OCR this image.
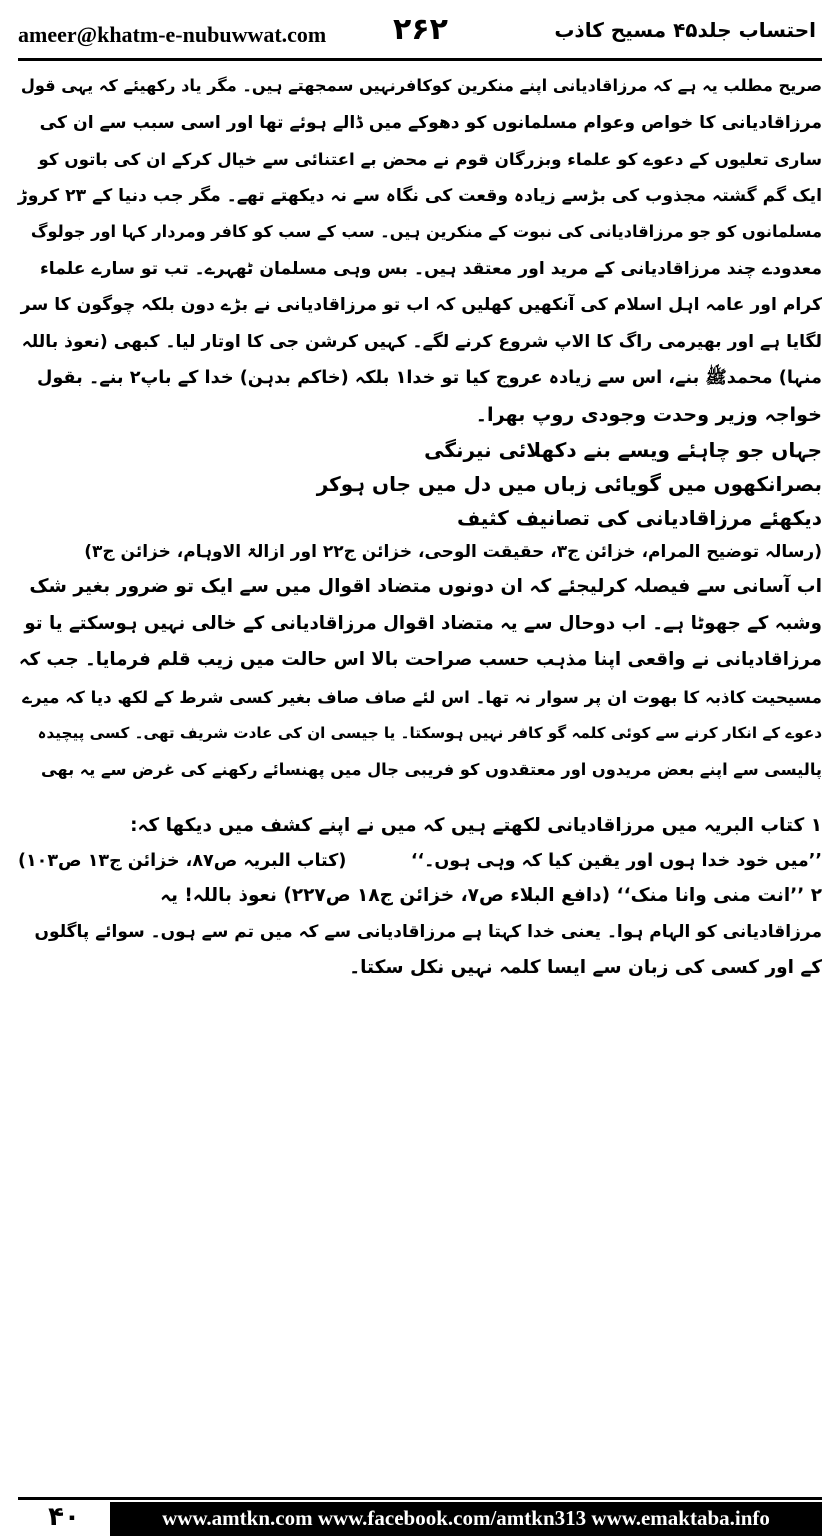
ameer@khatm-e-nubuwwat.com ۲۶۲	احتساب جلد۴۵ مسیح کاذب
صریح مطلب یہ ہے کہ مرزاقادیانی اپنے منکرین کوکافرنہیں سمجھتے ہیں۔ مگر یاد رکھیئے کہ یہی قول
مرزاقادیانی کا خواص وعوام مسلمانوں کو دھوکے میں ڈالے ہوئے تھا اور اسی سبب سے ان کی
ساری تعلیوں کے دعوے کو علماء وبزرگان قوم نے محض بے اعتنائی سے خیال کرکے ان کی باتوں کو
ایک گم گشتہ مجذوب کی بڑسے زیادہ وقعت کی نگاہ سے نہ دیکھتے تھے۔ مگر جب دنیا کے ۲۳ کروڑ
مسلمانوں کو جو مرزاقادیانی کی نبوت کے منکرین ہیں۔ سب کے سب کو کافر ومردار کہا اور جولوگ
معدودے چند مرزاقادیانی کے مرید اور معتقد ہیں۔ بس وہی مسلمان ٹھہرے۔ تب تو سارے علماء
کرام اور عامہ اہل اسلام کی آنکھیں کھلیں کہ اب تو مرزاقادیانی نے بڑے دون بلکہ چوگون کا سر
لگایا ہے اور بھیرمی راگ کا الاپ شروع کرنے لگے۔ کہیں کرشن جی کا اوتار لیا۔ کبھی (نعوذ باللہ
منہا) محمدﷺ بنے، اس سے زیادہ عروج کیا تو خدا۱ بلکہ (خاکم بدہن) خدا کے باپ۲ بنے۔ بقول
خواجہ وزیر وحدت وجودی روپ بھرا۔
جہاں جو چاہئے ویسے بنے دکھلائی نیرنگی
بصرانکھوں میں گویائی زباں میں دل میں جاں ہوکر
دیکھئے مرزاقادیانی کی تصانیف کثیف
(رسالہ توضیح المرام، خزائن ج۳، حقیقت الوحی، خزائن ج۲۲ اور ازالۃ الاوہام، خزائن ج۳)
اب آسانی سے فیصلہ کرلیجئے کہ ان دونوں متضاد اقوال میں سے ایک تو ضرور بغیر شک
وشبہ کے جھوٹا ہے۔ اب دوحال سے یہ متضاد اقوال مرزاقادیانی کے خالی نہیں ہوسکتے یا تو
مرزاقادیانی نے واقعی اپنا مذہب حسب صراحت بالا اس حالت میں زیب قلم فرمایا۔ جب کہ
مسیحیت کاذبہ کا بھوت ان پر سوار نہ تھا۔ اس لئے صاف صاف بغیر کسی شرط کے لکھ دیا کہ میرے
دعوے کے انکار کرنے سے کوئی کلمہ گو کافر نہیں ہوسکتا۔ یا جیسی ان کی عادت شریف تھی۔ کسی پیچیدہ
پالیسی سے اپنے بعض مریدوں اور معتقدوں کو فریبی جال میں پھنسائے رکھنے کی غرض سے یہ بھی
۱ کتاب البریہ میں مرزاقادیانی لکھتے ہیں کہ میں نے اپنے کشف میں دیکھا کہ:
’’میں خود خدا ہوں اور یقین کیا کہ وہی ہوں۔‘‘
(کتاب البریہ ص۸۷، خزائن ج۱۳ ص۱۰۳)
۲ ’’انت منی وانا منک‘‘ (دافع البلاء ص۷، خزائن ج۱۸ ص۲۲۷) نعوذ باللہ! یہ
مرزاقادیانی کو الہام ہوا۔ یعنی خدا کہتا ہے مرزاقادیانی سے کہ میں تم سے ہوں۔ سوائے پاگلوں
کے اور کسی کی زبان سے ایسا کلمہ نہیں نکل سکتا۔
۴۰	www.amtkn.com www.facebook.com/amtkn313 www.emaktaba.info
